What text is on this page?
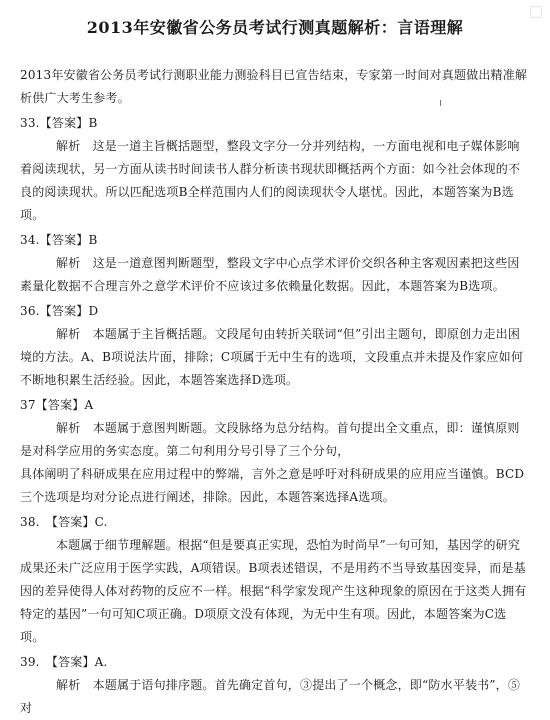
2013年安徽省公务员考试行测真题解析：言语理解

2013年安徽省公务员考试行测职业能力测验科目已宣告结束，专家第一时间对真题做出精准解析供广大考生参考。

33.【答案】B

解析　这是一道主旨概括题型，整段文字分一分并列结构，一方面电视和电子媒体影响着阅读现状，另一方面从读书时间读书人群分析读书现状即概括两个方面：如今社会体现的不良的阅读现状。所以匹配选项B全样范围内人们的阅读现状令人堪忧。因此，本题答案为B选项。

34.【答案】B

解析　这是一道意图判断题型，整段文字中心点学术评价交织各种主客观因素把这些因素量化数据不合理言外之意学术评价不应该过多依赖量化数据。因此，本题答案为B选项。

36.【答案】D

解析　本题属于主旨概括题。文段尾句由转折关联词“但”引出主题句，即原创力走出困境的方法。A、B项说法片面，排除；C项属于无中生有的选项，文段重点并未提及作家应如何不断地积累生活经验。因此，本题答案选择D选项。

37【答案】A

解析　本题属于意图判断题。文段脉络为总分结构。首句提出全文重点，即：谨慎原则是对科学应用的务实态度。第二句利用分号引导了三个分句，

具体阐明了科研成果在应用过程中的弊端，言外之意是呼吁对科研成果的应用应当谨慎。BCD三个选项是均对分论点进行阐述，排除。因此，本题答案选择A选项。

38.　【答案】C.

本题属于细节理解题。根据“但是要真正实现，恐怕为时尚早”一句可知，基因学的研究成果还未广泛应用于医学实践，A项错误。B项表述错误，不是用药不当导致基因变异，而是基因的差异使得人体对药物的反应不一样。根据“科学家发现产生这种现象的原因在于这类人拥有特定的基因”一句可知C项正确。D项原文没有体现，为无中生有项。因此，本题答案为C选项。

39.　【答案】A.

解析　本题属于语句排序题。首先确定首句，③提出了一个概念，即“防水平装书”，⑤对
